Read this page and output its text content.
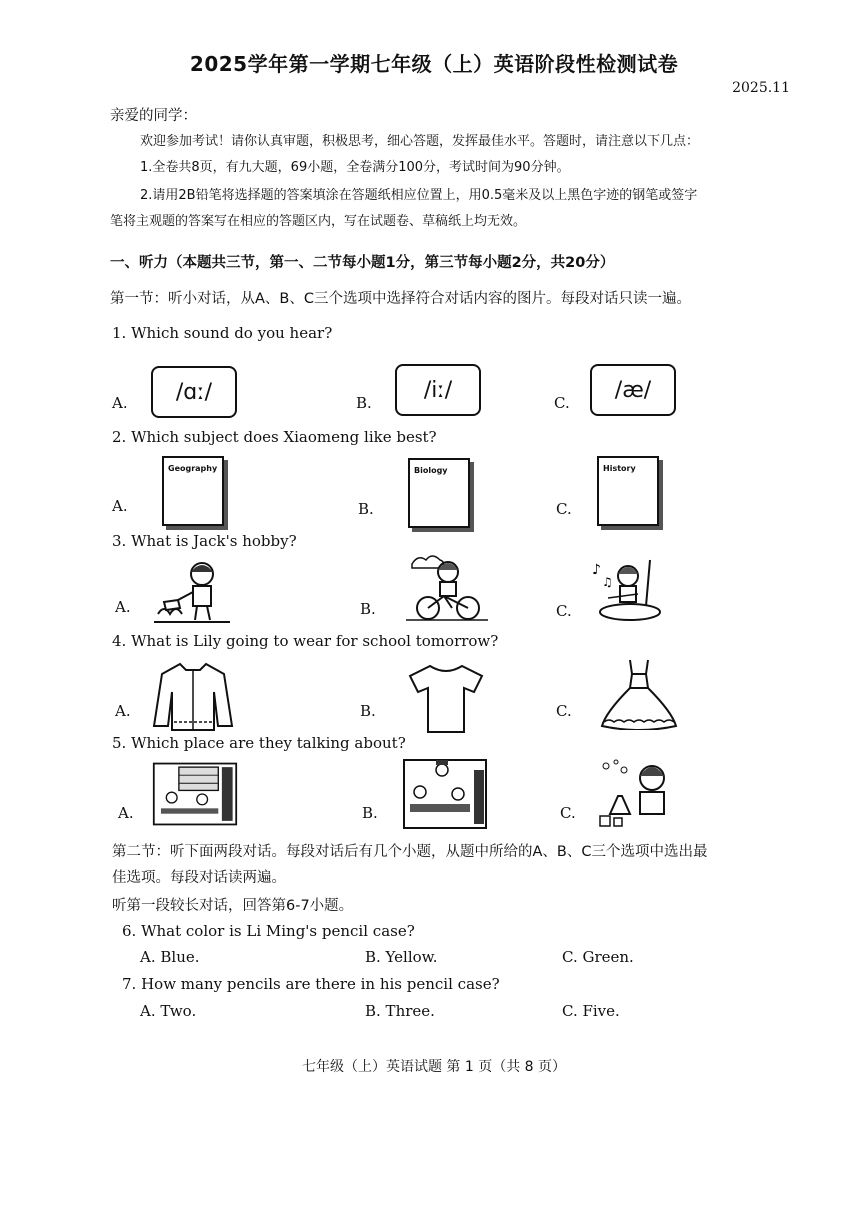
2025学年第一学期七年级（上）英语阶段性检测试卷
2025.11
亲爱的同学：
欢迎参加考试！请你认真审题，积极思考，细心答题，发挥最佳水平。答题时，请注意以下几点：
1.全卷共8页，有九大题，69小题，全卷满分100分，考试时间为90分钟。
2.请用2B铅笔将选择题的答案填涂在答题纸相应位置上，用0.5毫米及以上黑色字迹的钢笔或签字
笔将主观题的答案写在相应的答题区内，写在试题卷、草稿纸上均无效。
一、听力（本题共三节，第一、二节每小题1分，第三节每小题2分，共20分）
第一节：听小对话，从A、B、C三个选项中选择符合对话内容的图片。每段对话只读一遍。
1. Which sound do you hear?
A.	/ɑː/	B.
/iː/
C.
/æ/
2. Which subject does Xiaomeng like best?
A.
Geography
B.
Biology
C.
History
3. What is Jack's hobby?
A.	B.	C.
♪
♫
4. What is Lily going to wear for school tomorrow?
A.	B.	C.
5. Which place are they talking about?
A.	B.	C.
第二节：听下面两段对话。每段对话后有几个小题，从题中所给的A、B、C三个选项中选出最
佳选项。每段对话读两遍。
听第一段较长对话，回答第6-7小题。
6. What color is Li Ming's pencil case?
A. Blue.	B. Yellow.	C. Green.
7. How many pencils are there in his pencil case?
A. Two.	B. Three.	C. Five.
七年级（上）英语试题 第 1 页（共 8 页）
